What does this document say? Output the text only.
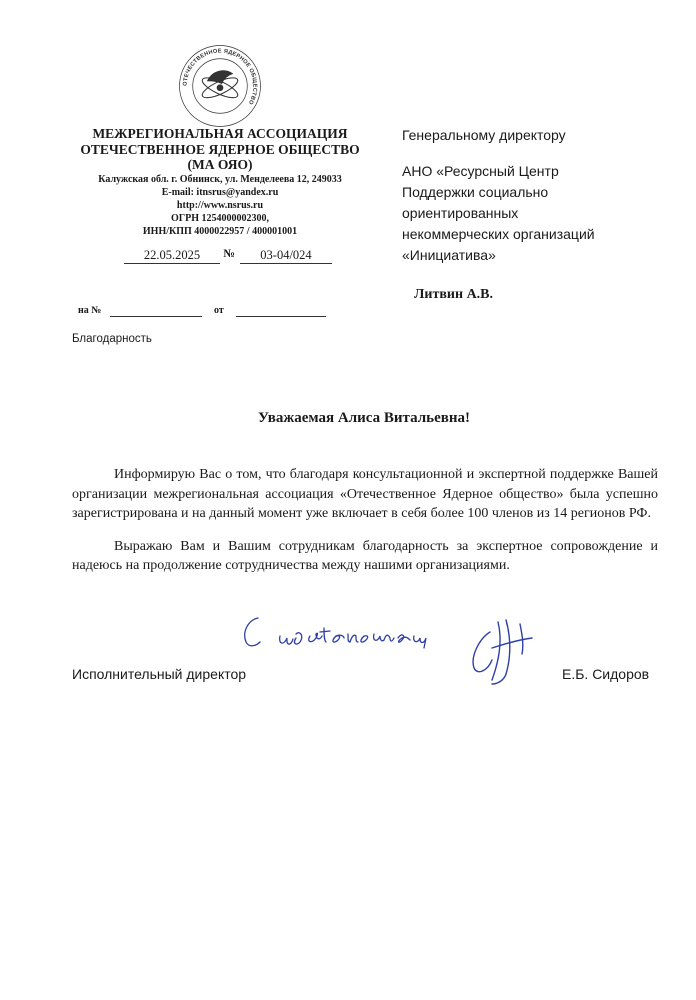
ОТЕЧЕСТВЕННОЕ ЯДЕРНОЕ ОБЩЕСТВО
МЕЖРЕГИОНАЛЬНАЯ АССОЦИАЦИЯ
ОТЕЧЕСТВЕННОЕ ЯДЕРНОЕ ОБЩЕСТВО
(МА ОЯО)
Калужская обл. г. Обнинск, ул. Менделеева 12, 249033
E-mail: itnsrus@yandex.ru
http://www.nsrus.ru
ОГРН 1254000002300,
ИНН/КПП 4000022957 / 400001001
22.05.2025	№	03-04/024
на №	от
Благодарность
Генеральному директору
АНО «Ресурсный Центр
Поддержки социально
ориентированных
некоммерческих организаций
«Инициатива»
Литвин А.В.
Уважаемая Алиса Витальевна!

Информирую Вас о том, что благодаря консультационной и экспертной поддержке Вашей организации межрегиональная ассоциация «Отечественное Ядерное общество» была успешно зарегистрирована и на данный момент уже включает в себя более 100 членов из 14 регионов РФ.

Выражаю Вам и Вашим сотрудникам благодарность за экспертное сопровождение и надеюсь на продолжение сотрудничества между нашими организациями.

Исполнительный директор	Е.Б. Сидоров
